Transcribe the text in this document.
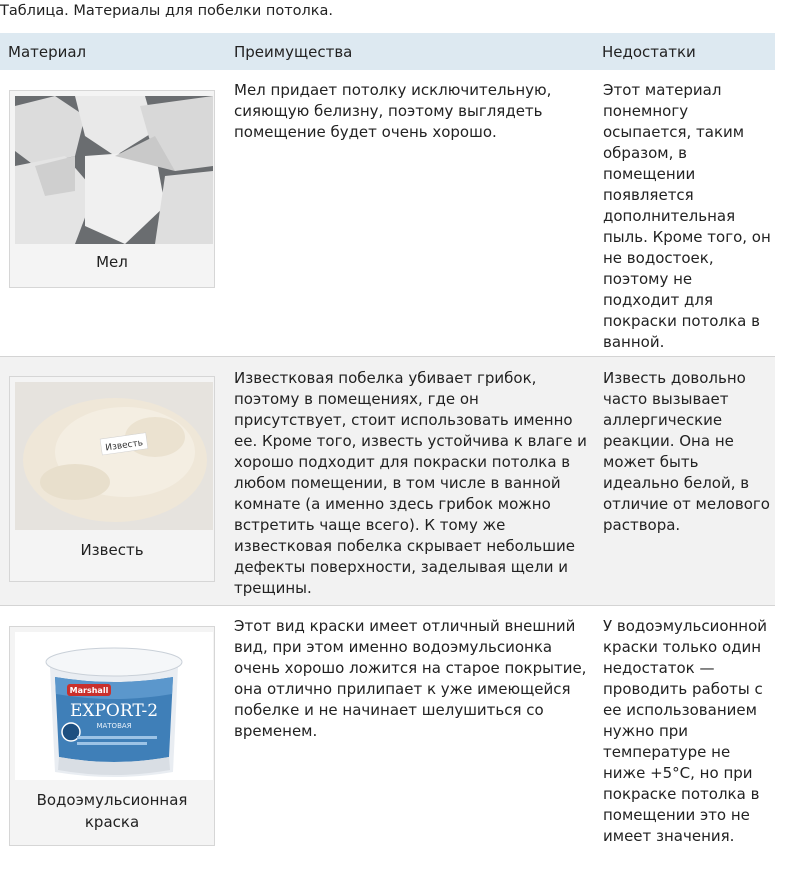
Таблица. Материалы для побелки потолка.
Материал	Преимущества	Недостатки
Мел
Мел придает потолку исключительную, сияющую белизну, поэтому выглядеть помещение будет очень хорошо.
Этот материал понемногу осыпается, таким образом, в помещении появляется дополнительная пыль. Кроме того, он не водостоек, поэтому не подходит для покраски потолка в ванной.
Известь
Известь
Известковая побелка убивает грибок, поэтому в помещениях, где он присутствует, стоит использовать именно ее. Кроме того, известь устойчива к влаге и хорошо подходит для покраски потолка в любом помещении, в том числе в ванной комнате (а именно здесь грибок можно встретить чаще всего). К тому же известковая побелка скрывает небольшие дефекты поверхности, заделывая щели и трещины.
Известь довольно часто вызывает аллергические реакции. Она не может быть идеально белой, в отличие от мелового раствора.
Marshall
EXPORT-2
МАТОВАЯ
Водоэмульсионная краска
Этот вид краски имеет отличный внешний вид, при этом именно водоэмульсионка очень хорошо ложится на старое покрытие, она отлично прилипает к уже имеющейся побелке и не начинает шелушиться со временем.
У водоэмульсионной краски только один недостаток — проводить работы с ее использованием нужно при температуре не ниже +5°С, но при покраске потолка в помещении это не имеет значения.
